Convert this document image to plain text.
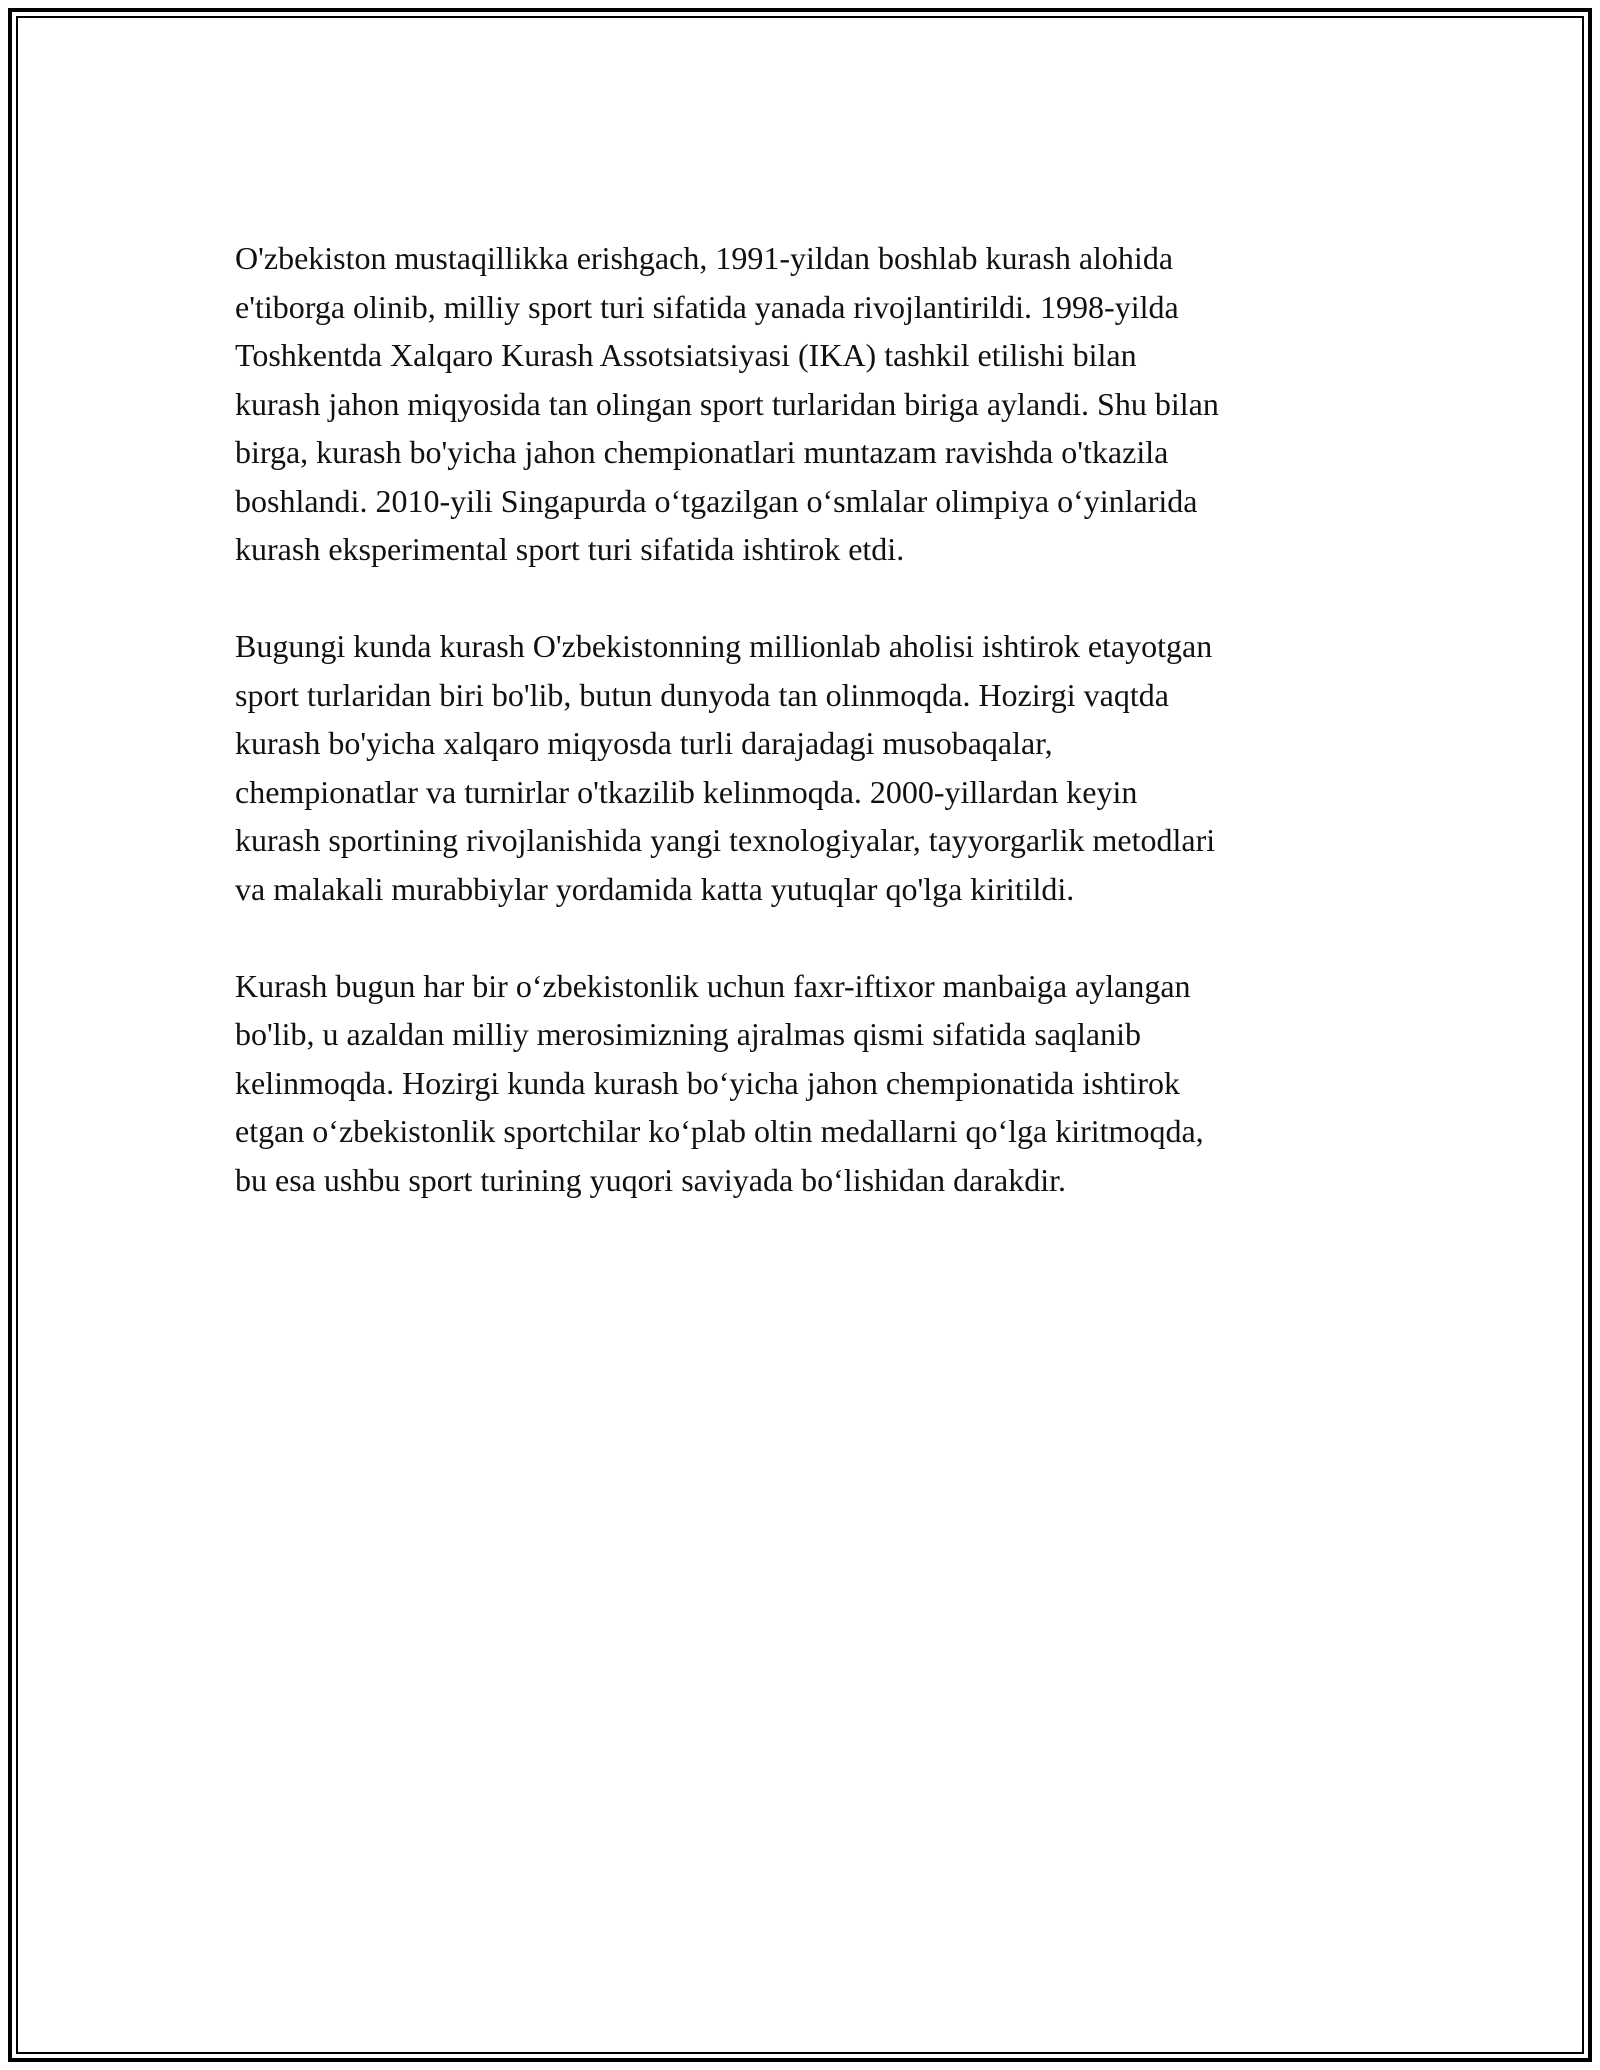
O'zbekiston mustaqillikka erishgach, 1991-yildan boshlab kurash alohida
e'tiborga olinib, milliy sport turi sifatida yanada rivojlantirildi. 1998-yilda
Toshkentda Xalqaro Kurash Assotsiatsiyasi (IKA) tashkil etilishi bilan
kurash jahon miqyosida tan olingan sport turlaridan biriga aylandi. Shu bilan
birga, kurash bo'yicha jahon chempionatlari muntazam ravishda o'tkazila
boshlandi. 2010-yili Singapurda o‘tgazilgan o‘smlalar olimpiya o‘yinlarida
kurash eksperimental sport turi sifatida ishtirok etdi.

Bugungi kunda kurash O'zbekistonning millionlab aholisi ishtirok etayotgan
sport turlaridan biri bo'lib, butun dunyoda tan olinmoqda. Hozirgi vaqtda
kurash bo'yicha xalqaro miqyosda turli darajadagi musobaqalar,
chempionatlar va turnirlar o'tkazilib kelinmoqda. 2000-yillardan keyin
kurash sportining rivojlanishida yangi texnologiyalar, tayyorgarlik metodlari
va malakali murabbiylar yordamida katta yutuqlar qo'lga kiritildi.

Kurash bugun har bir o‘zbekistonlik uchun faxr-iftixor manbaiga aylangan
bo'lib, u azaldan milliy merosimizning ajralmas qismi sifatida saqlanib
kelinmoqda. Hozirgi kunda kurash bo‘yicha jahon chempionatida ishtirok
etgan o‘zbekistonlik sportchilar ko‘plab oltin medallarni qo‘lga kiritmoqda,
bu esa ushbu sport turining yuqori saviyada bo‘lishidan darakdir.
